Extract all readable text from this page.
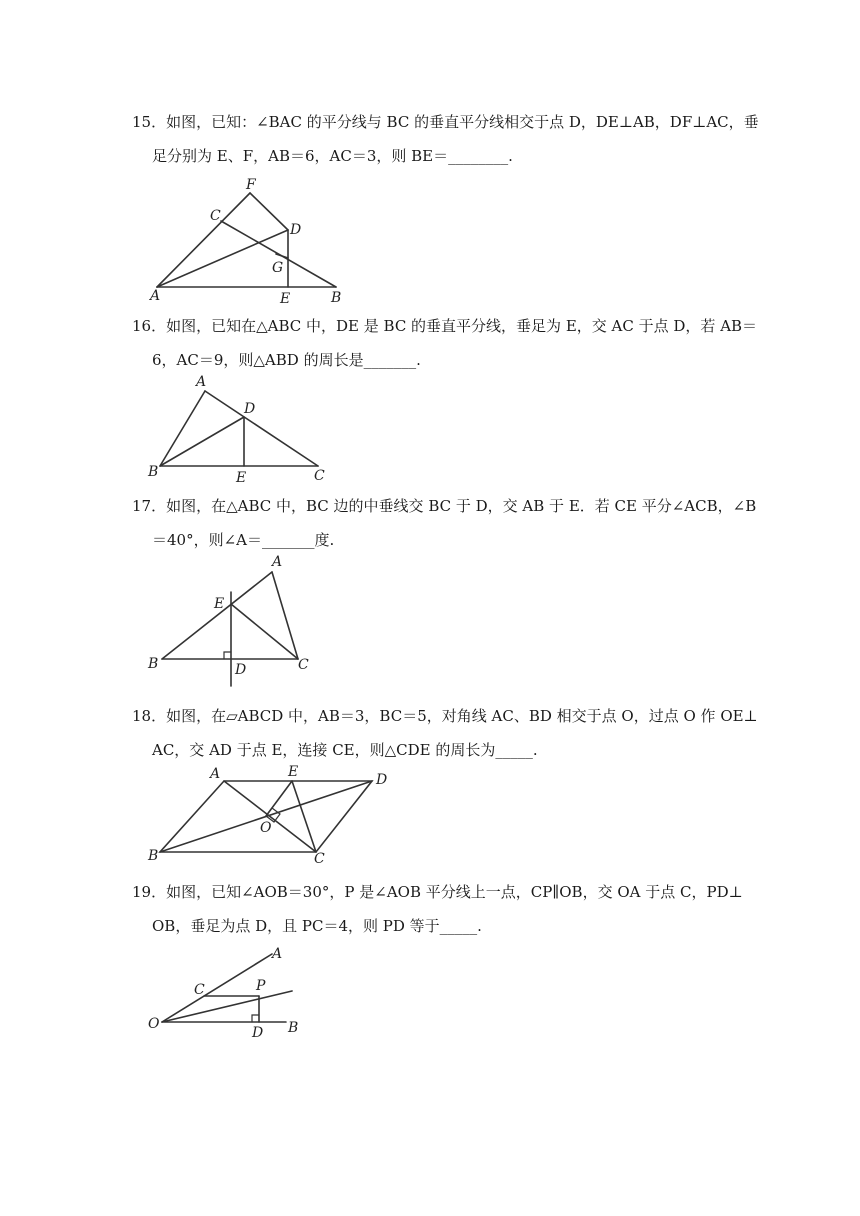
15．如图，已知：∠BAC 的平分线与 BC 的垂直平分线相交于点 D，DE⊥AB，DF⊥AC，垂
足分别为 E、F，AB＝6，AC＝3，则 BE＝________.
F
C
D
G
A	E	B
16．如图，已知在△ABC 中，DE 是 BC 的垂直平分线，垂足为 E，交 AC 于点 D，若 AB＝
6，AC＝9，则△ABD 的周长是_______.
A
D
B	E	C
17．如图，在△ABC 中，BC 边的中垂线交 BC 于 D，交 AB 于 E．若 CE 平分∠ACB，∠B
＝40°，则∠A＝_______度.
A
E
B	D	C
18．如图，在▱ABCD 中，AB＝3，BC＝5，对角线 AC、BD 相交于点 O，过点 O 作 OE⊥
AC，交 AD 于点 E，连接 CE，则△CDE 的周长为_____.
A	E	D
O
B	C
19．如图，已知∠AOB＝30°，P 是∠AOB 平分线上一点，CP∥OB，交 OA 于点 C，PD⊥
OB，垂足为点 D，且 PC＝4，则 PD 等于_____.
A
C	P
O
D B
